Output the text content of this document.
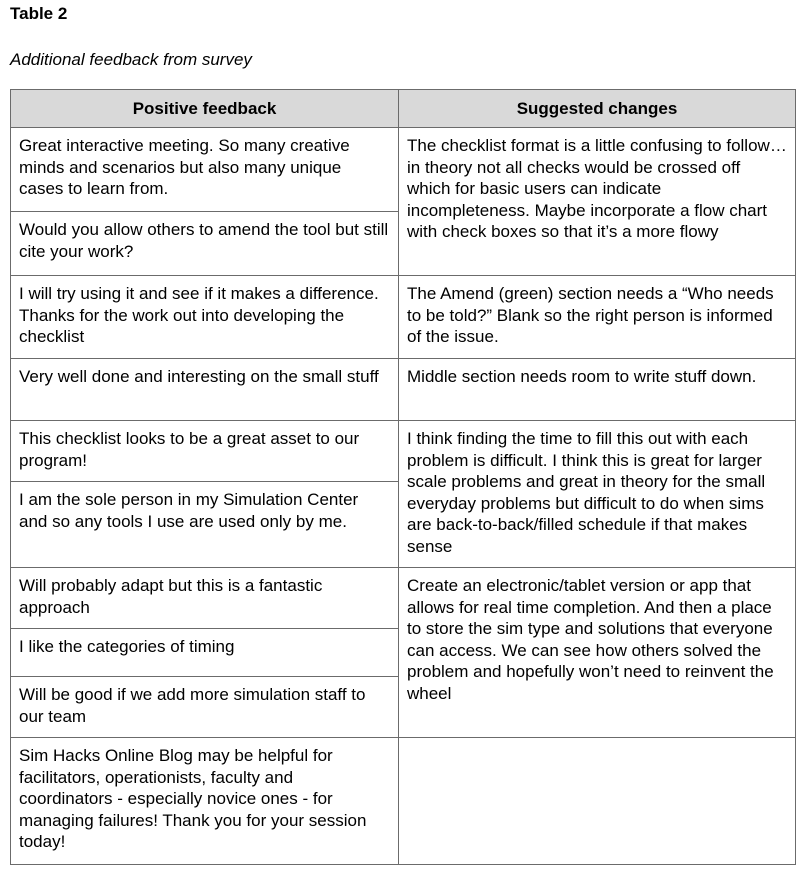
Table 2
Additional feedback from survey
Positive feedback	Suggested changes
Great interactive meeting. So many creative minds and scenarios but also many unique cases to learn from.	The checklist format is a little confusing to follow…in theory not all checks would be crossed off which for basic users can indicate incompleteness. Maybe incorporate a flow chart with check boxes so that it’s a more flowy
Would you allow others to amend the tool but still cite your work?	
I will try using it and see if it makes a difference. Thanks for the work out into developing the checklist	The Amend (green) section needs a “Who needs to be told?” Blank so the right person is informed of the issue.
Very well done and interesting on the small stuff	Middle section needs room to write stuff down.
This checklist looks to be a great asset to our program!	I think finding the time to fill this out with each problem is difficult. I think this is great for larger scale problems and great in theory for the small everyday problems but difficult to do when sims are back-to-back/filled schedule if that makes sense
I am the sole person in my Simulation Center and so any tools I use are used only by me.	
Will probably adapt but this is a fantastic approach	Create an electronic/tablet version or app that allows for real time completion. And then a place to store the sim type and solutions that everyone can access. We can see how others solved the problem and hopefully won’t need to reinvent the wheel
I like the categories of timing	
Will be good if we add more simulation staff to our team	
Sim Hacks Online Blog may be helpful for facilitators, operationists, faculty and coordinators - especially novice ones - for managing failures! Thank you for your session today!	
